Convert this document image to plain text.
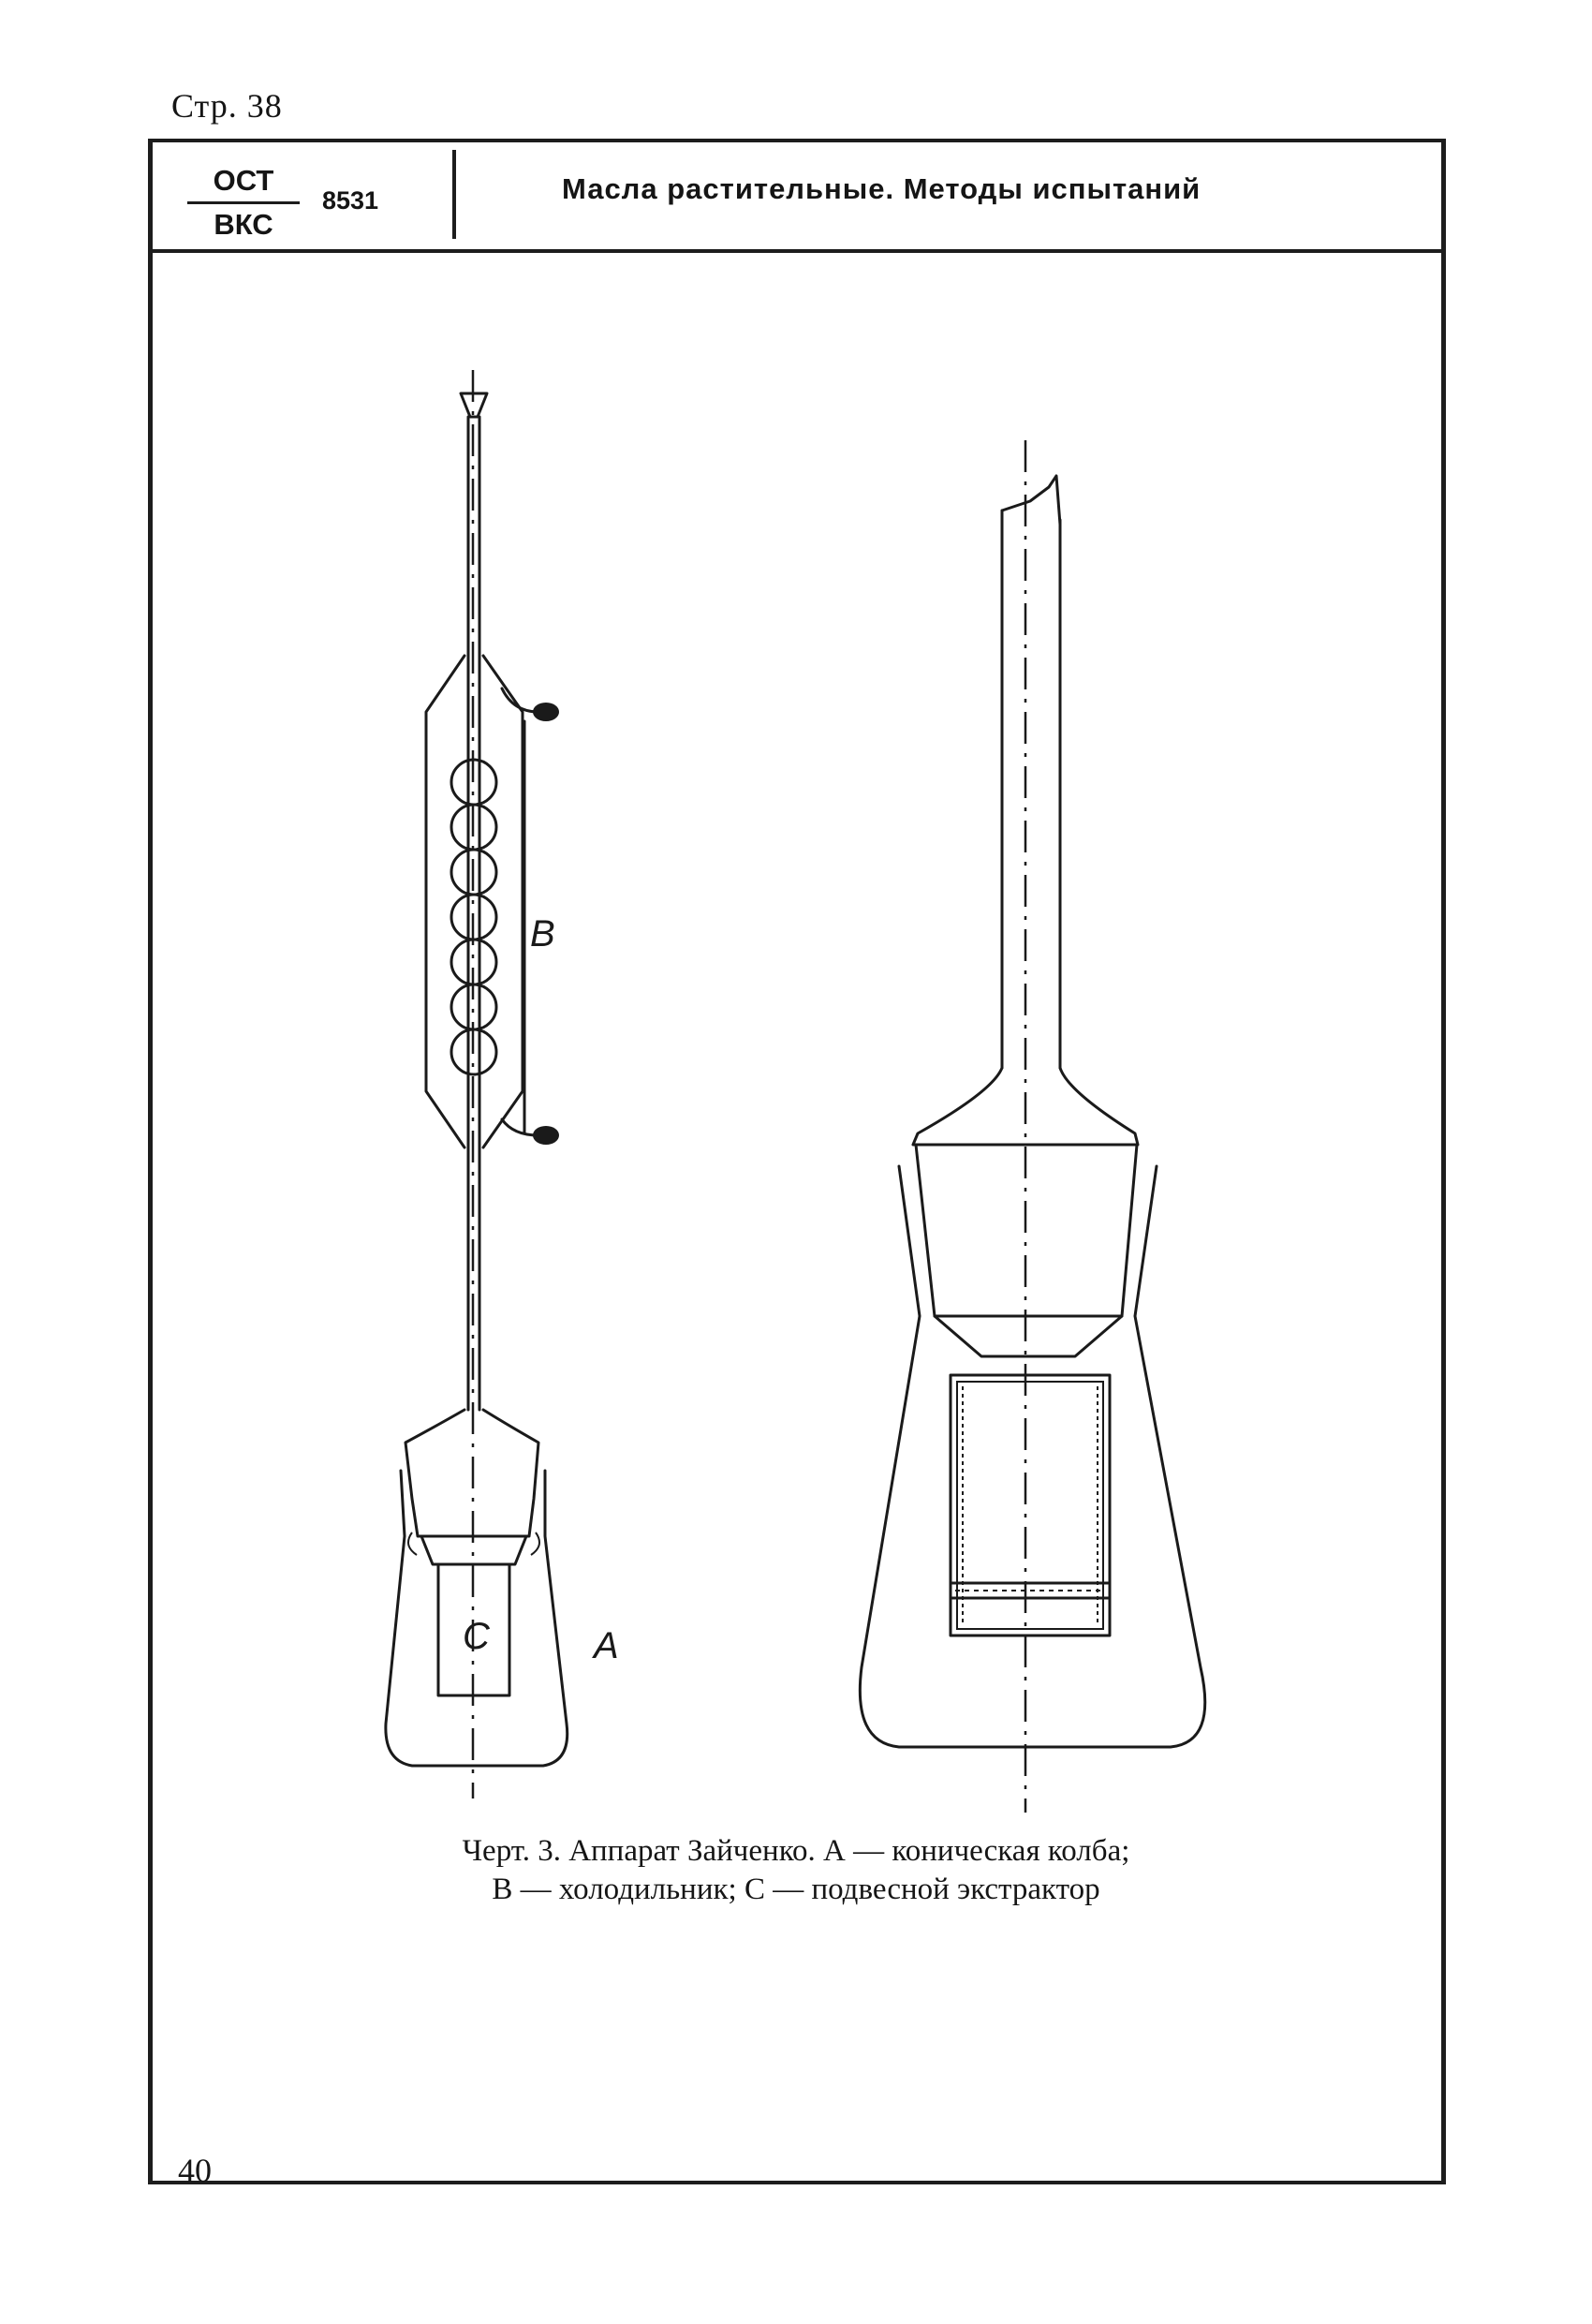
Стр. 38
ОСТ
ВКС
8531	Масла растительные. Методы испытаний
С	А
В
Черт. 3. Аппарат Зайченко. А — коническая колба;
В — холодильник; С — подвесной экстрактор
40
